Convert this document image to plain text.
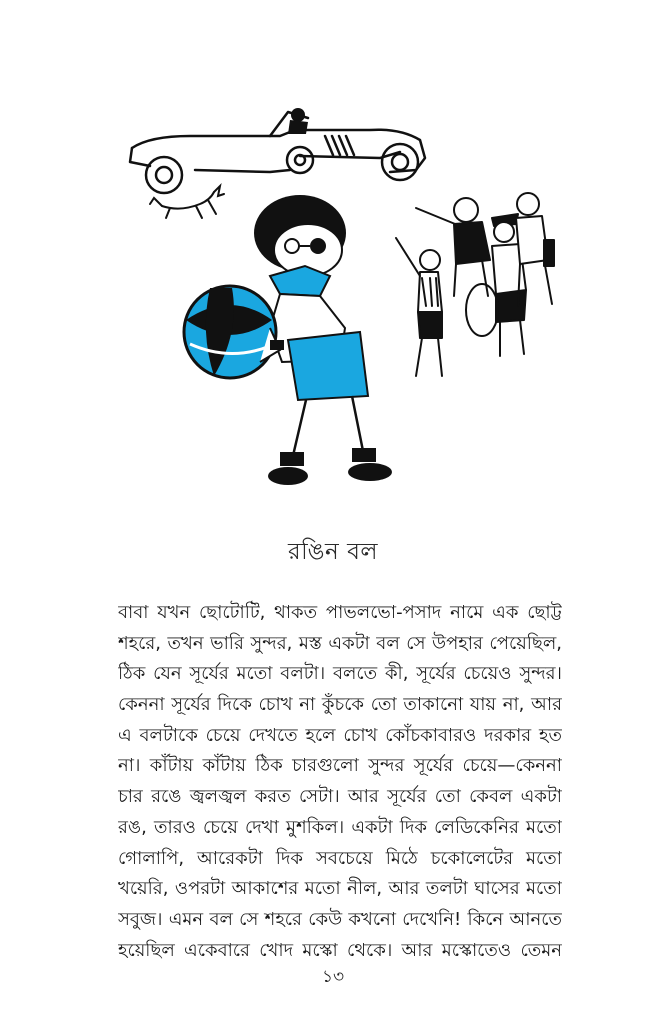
রঙিন বল
বাবা যখন ছোটোটি, থাকত পাভলভো-পসাদ নামে এক ছোট্ট
শহরে, তখন ভারি সুন্দর, মস্ত একটা বল সে উপহার পেয়েছিল,
ঠিক যেন সূর্যের মতো বলটা। বলতে কী, সূর্যের চেয়েও সুন্দর।
কেননা সূর্যের দিকে চোখ না কুঁচকে তো তাকানো যায় না, আর
এ বলটাকে চেয়ে দেখতে হলে চোখ কোঁচকাবারও দরকার হত
না। কাঁটায় কাঁটায় ঠিক চারগুলো সুন্দর সূর্যের চেয়ে—কেননা
চার রঙে জ্বলজ্বল করত সেটা। আর সূর্যের তো কেবল একটা
রঙ, তারও চেয়ে দেখা মুশকিল। একটা দিক লেডিকেনির মতো
গোলাপি, আরেকটা দিক সবচেয়ে মিঠে চকোলেটের মতো
খয়েরি, ওপরটা আকাশের মতো নীল, আর তলটা ঘাসের মতো
সবুজ। এমন বল সে শহরে কেউ কখনো দেখেনি! কিনে আনতে
হয়েছিল একেবারে খোদ মস্কো থেকে। আর মস্কোতেও তেমন
১৩
